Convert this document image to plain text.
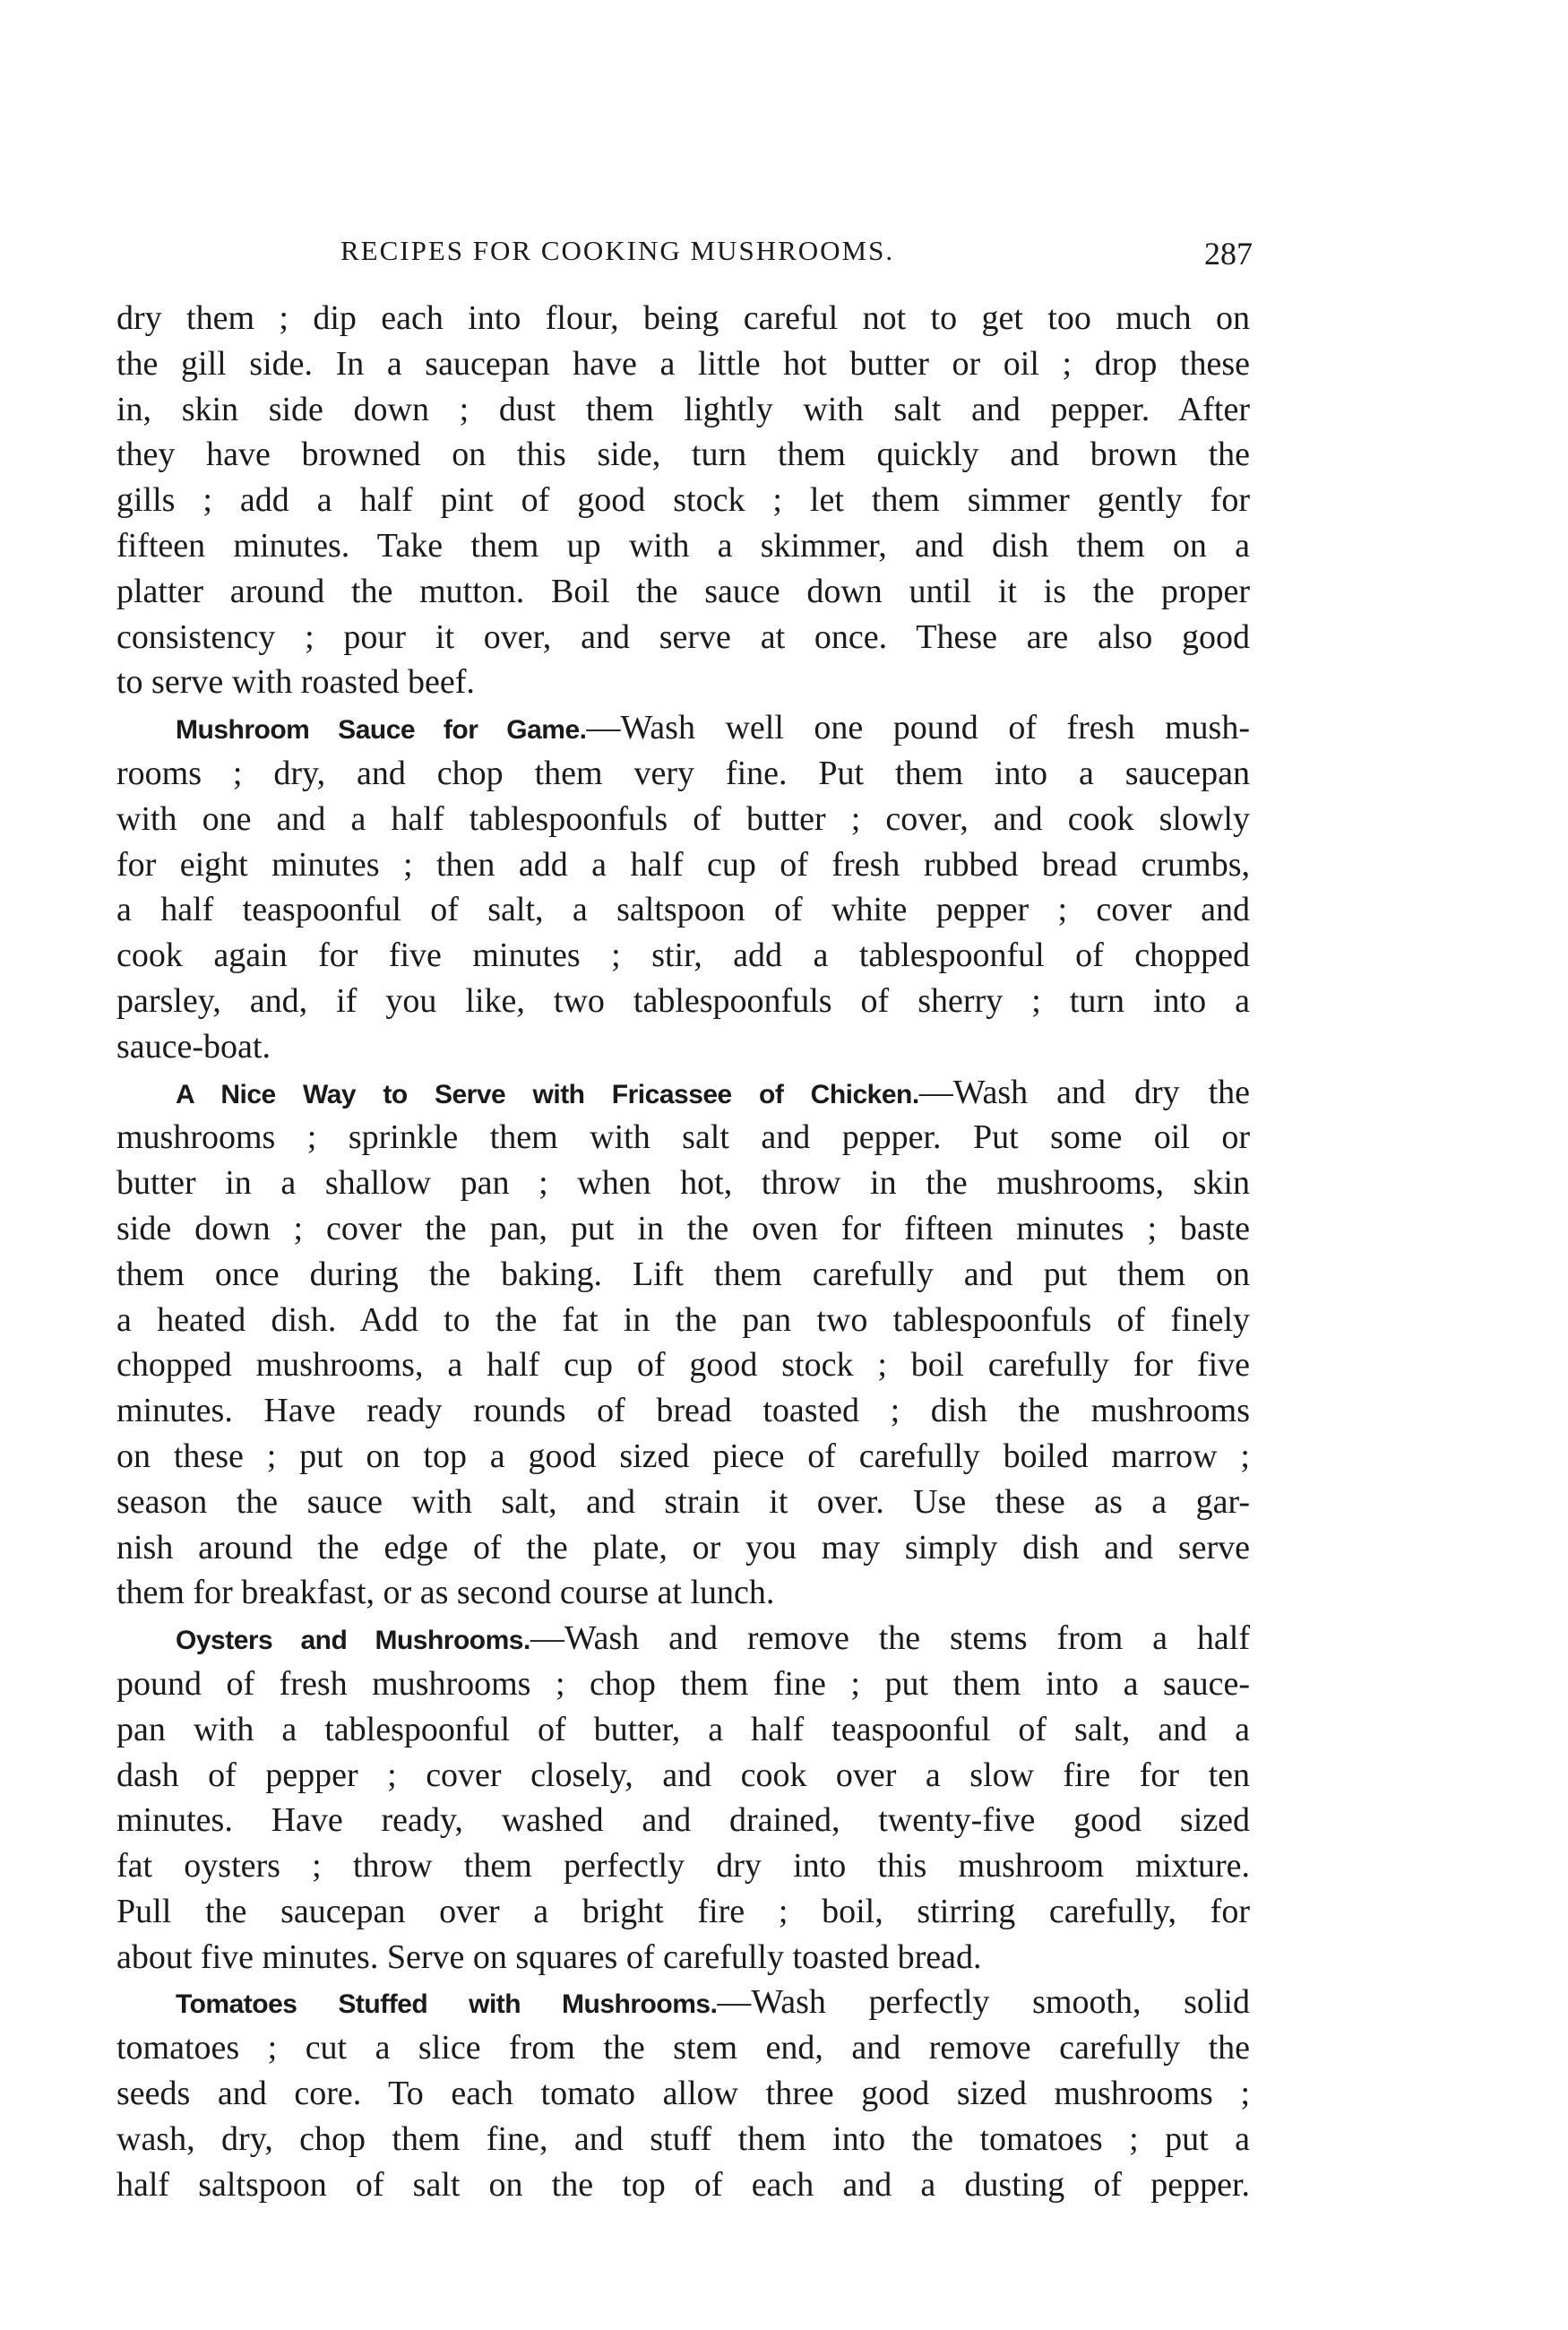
RECIPES FOR COOKING MUSHROOMS.	287
dry them ; dip each into flour, being careful not to get too much on
the gill side. In a saucepan have a little hot butter or oil ; drop these
in, skin side down ; dust them lightly with salt and pepper. After
they have browned on this side, turn them quickly and brown the
gills ; add a half pint of good stock ; let them simmer gently for
fifteen minutes. Take them up with a skimmer, and dish them on a
platter around the mutton. Boil the sauce down until it is the proper
consistency ; pour it over, and serve at once. These are also good
to serve with roasted beef.
Mushroom Sauce for Game.—Wash well one pound of fresh mush-
rooms ; dry, and chop them very fine. Put them into a saucepan
with one and a half tablespoonfuls of butter ; cover, and cook slowly
for eight minutes ; then add a half cup of fresh rubbed bread crumbs,
a half teaspoonful of salt, a saltspoon of white pepper ; cover and
cook again for five minutes ; stir, add a tablespoonful of chopped
parsley, and, if you like, two tablespoonfuls of sherry ; turn into a
sauce-boat.
A Nice Way to Serve with Fricassee of Chicken.—Wash and dry the
mushrooms ; sprinkle them with salt and pepper. Put some oil or
butter in a shallow pan ; when hot, throw in the mushrooms, skin
side down ; cover the pan, put in the oven for fifteen minutes ; baste
them once during the baking. Lift them carefully and put them on
a heated dish. Add to the fat in the pan two tablespoonfuls of finely
chopped mushrooms, a half cup of good stock ; boil carefully for five
minutes. Have ready rounds of bread toasted ; dish the mushrooms
on these ; put on top a good sized piece of carefully boiled marrow ;
season the sauce with salt, and strain it over. Use these as a gar-
nish around the edge of the plate, or you may simply dish and serve
them for breakfast, or as second course at lunch.
Oysters and Mushrooms.—Wash and remove the stems from a half
pound of fresh mushrooms ; chop them fine ; put them into a sauce-
pan with a tablespoonful of butter, a half teaspoonful of salt, and a
dash of pepper ; cover closely, and cook over a slow fire for ten
minutes. Have ready, washed and drained, twenty-five good sized
fat oysters ; throw them perfectly dry into this mushroom mixture.
Pull the saucepan over a bright fire ; boil, stirring carefully, for
about five minutes. Serve on squares of carefully toasted bread.
Tomatoes Stuffed with Mushrooms.—Wash perfectly smooth, solid
tomatoes ; cut a slice from the stem end, and remove carefully the
seeds and core. To each tomato allow three good sized mushrooms ;
wash, dry, chop them fine, and stuff them into the tomatoes ; put a
half saltspoon of salt on the top of each and a dusting of pepper.
